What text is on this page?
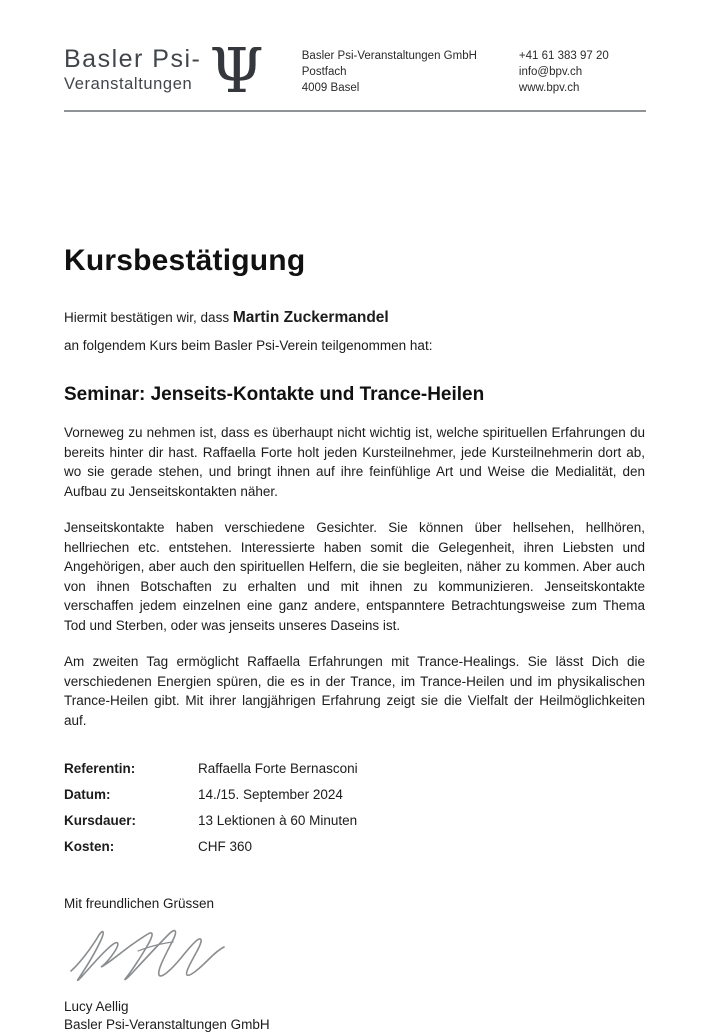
Basler Psi-
Veranstaltungen Ψ	Basler Psi-Veranstaltungen GmbH
Postfach
4009 Basel
+41 61 383 97 20
info@bpv.ch
www.bpv.ch
Kursbestätigung
Hiermit bestätigen wir, dass Martin Zuckermandel
an folgendem Kurs beim Basler Psi-Verein teilgenommen hat:
Seminar: Jenseits-Kontakte und Trance-Heilen

Vorneweg zu nehmen ist, dass es überhaupt nicht wichtig ist, welche spirituellen Erfahrungen du bereits hinter dir hast. Raffaella Forte holt jeden Kursteilnehmer, jede Kursteilnehmerin dort ab, wo sie gerade stehen, und bringt ihnen auf ihre feinfühlige Art und Weise die Medialität, den Aufbau zu Jenseitskontakten näher.

Jenseitskontakte haben verschiedene Gesichter. Sie können über hellsehen, hellhören, hellriechen etc. entstehen. Interessierte haben somit die Gelegenheit, ihren Liebsten und Angehörigen, aber auch den spirituellen Helfern, die sie begleiten, näher zu kommen. Aber auch von ihnen Botschaften zu erhalten und mit ihnen zu kommunizieren. Jenseitskontakte verschaffen jedem einzelnen eine ganz andere, entspanntere Betrachtungsweise zum Thema Tod und Sterben, oder was jenseits unseres Daseins ist.

Am zweiten Tag ermöglicht Raffaella Erfahrungen mit Trance-Healings. Sie lässt Dich die verschiedenen Energien spüren, die es in der Trance, im Trance-Heilen und im physikalischen Trance-Heilen gibt. Mit ihrer langjährigen Erfahrung zeigt sie die Vielfalt der Heilmöglichkeiten auf.

Referentin:	Raffaella Forte Bernasconi
Datum:	14./15. September 2024
Kursdauer:	13 Lektionen à 60 Minuten
Kosten:	CHF 360
Mit freundlichen Grüssen
Lucy Aellig
Basler Psi-Veranstaltungen GmbH
